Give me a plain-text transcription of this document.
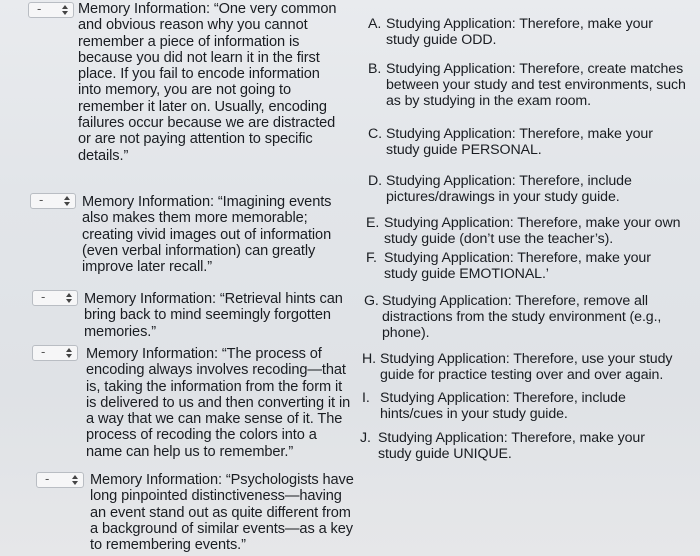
-	Memory Information: “One very common
and obvious reason why you cannot
remember a piece of information is
because you did not learn it in the first
place. If you fail to encode information
into memory, you are not going to
remember it later on. Usually, encoding
failures occur because we are distracted
or are not paying attention to specific
details.”
-	Memory Information: “Imagining events
also makes them more memorable;
creating vivid images out of information
(even verbal information) can greatly
improve later recall.”
-	Memory Information: “Retrieval hints can
bring back to mind seemingly forgotten
memories.”
-	Memory Information: “The process of
encoding always involves recoding—that
is, taking the information from the form it
is delivered to us and then converting it in
a way that we can make sense of it. The
process of recoding the colors into a
name can help us to remember.”
-	Memory Information: “Psychologists have
long pinpointed distinctiveness—having
an event stand out as quite different from
a background of similar events—as a key
to remembering events.”
A. Studying Application: Therefore, make your
study guide ODD.
B. Studying Application: Therefore, create matches
between your study and test environments, such
as by studying in the exam room.
C. Studying Application: Therefore, make your
study guide PERSONAL.
D. Studying Application: Therefore, include
pictures/drawings in your study guide.
E. Studying Application: Therefore, make your own
study guide (don’t use the teacher’s).
F. Studying Application: Therefore, make your
study guide EMOTIONAL.’
G. Studying Application: Therefore, remove all
distractions from the study environment (e.g.,
phone).
H. Studying Application: Therefore, use your study
guide for practice testing over and over again.
I. Studying Application: Therefore, include
hints/cues in your study guide.
J. Studying Application: Therefore, make your
study guide UNIQUE.
